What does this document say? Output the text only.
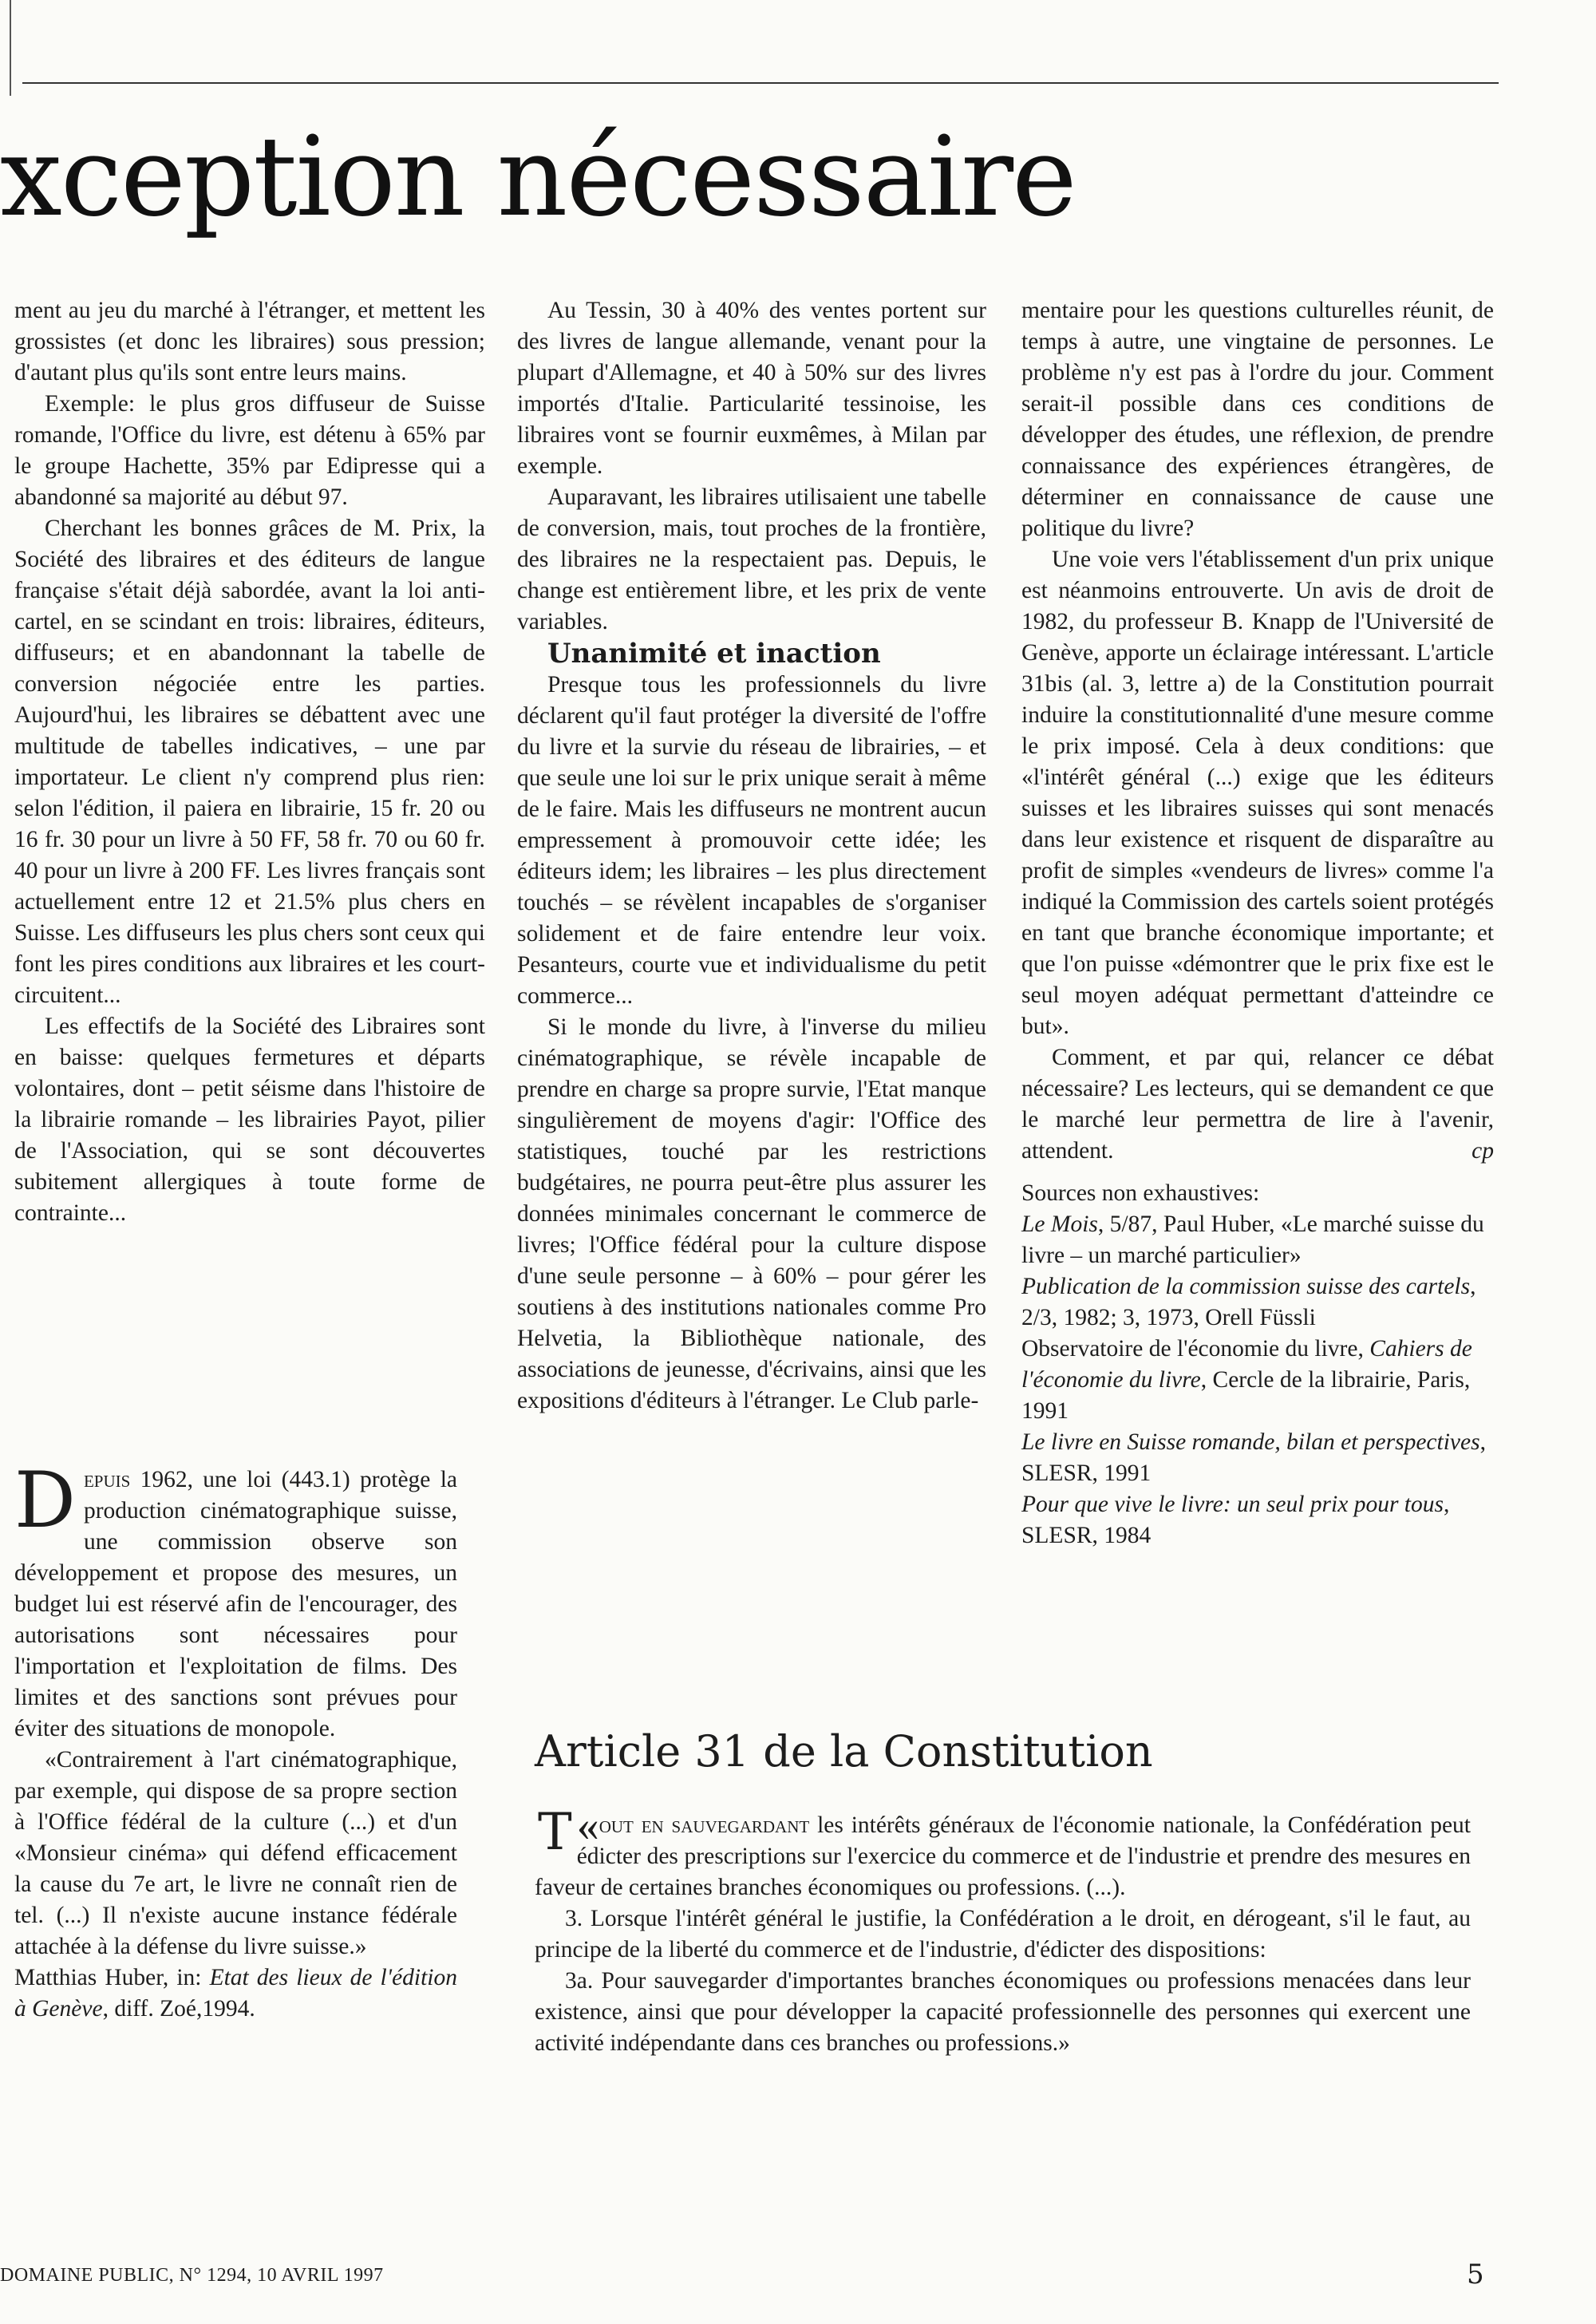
xception nécessaire

ment au jeu du marché à l'étranger, et mettent les grossistes (et donc les libraires) sous pression; d'autant plus qu'ils sont entre leurs mains.

Exemple: le plus gros diffuseur de Suisse romande, l'Office du livre, est détenu à 65% par le groupe Hachette, 35% par Edipresse qui a abandonné sa majorité au début 97.

Cherchant les bonnes grâces de M. Prix, la Société des libraires et des éditeurs de langue française s'était déjà sabordée, avant la loi anti-cartel, en se scindant en trois: libraires, éditeurs, diffuseurs; et en abandonnant la tabelle de conversion négociée entre les parties. Aujourd'hui, les libraires se débattent avec une multitude de tabelles indicatives, – une par importateur. Le client n'y comprend plus rien: selon l'édition, il paiera en librairie, 15 fr. 20 ou 16 fr. 30 pour un livre à 50 FF, 58 fr. 70 ou 60 fr. 40 pour un livre à 200 FF. Les livres français sont actuellement entre 12 et 21.5% plus chers en Suisse. Les diffuseurs les plus chers sont ceux qui font les pires conditions aux libraires et les court-circuitent...

Les effectifs de la Société des Libraires sont en baisse: quelques fermetures et départs volontaires, dont – petit séisme dans l'histoire de la librairie romande – les librairies Payot, pilier de l'Association, qui se sont découvertes subitement allergiques à toute forme de contrainte...

Depuis 1962, une loi (443.1) protège la production cinématographique suisse, une commission observe son développement et propose des mesures, un budget lui est réservé afin de l'encourager, des autorisations sont nécessaires pour l'importation et l'exploitation de films. Des limites et des sanctions sont prévues pour éviter des situations de monopole.

«Contrairement à l'art cinématographique, par exemple, qui dispose de sa propre section à l'Office fédéral de la culture (...) et d'un «Monsieur cinéma» qui défend efficacement la cause du 7e art, le livre ne connaît rien de tel. (...) Il n'existe aucune instance fédérale attachée à la défense du livre suisse.»

Matthias Huber, in: Etat des lieux de l'édition à Genève, diff. Zoé,1994.

Au Tessin, 30 à 40% des ventes portent sur des livres de langue allemande, venant pour la plupart d'Allemagne, et 40 à 50% sur des livres importés d'Italie. Particularité tessinoise, les libraires vont se fournir euxmêmes, à Milan par exemple.

Auparavant, les libraires utilisaient une tabelle de conversion, mais, tout proches de la frontière, des libraires ne la respectaient pas. Depuis, le change est entièrement libre, et les prix de vente variables.

Unanimité et inaction

Presque tous les professionnels du livre déclarent qu'il faut protéger la diversité de l'offre du livre et la survie du réseau de librairies, – et que seule une loi sur le prix unique serait à même de le faire. Mais les diffuseurs ne montrent aucun empressement à promouvoir cette idée; les éditeurs idem; les libraires – les plus directement touchés – se révèlent incapables de s'organiser solidement et de faire entendre leur voix. Pesanteurs, courte vue et individualisme du petit commerce...

Si le monde du livre, à l'inverse du milieu cinématographique, se révèle incapable de prendre en charge sa propre survie, l'Etat manque singulièrement de moyens d'agir: l'Office des statistiques, touché par les restrictions budgétaires, ne pourra peut-être plus assurer les données minimales concernant le commerce de livres; l'Office fédéral pour la culture dispose d'une seule personne – à 60% – pour gérer les soutiens à des institutions nationales comme Pro Helvetia, la Bibliothèque nationale, des associations de jeunesse, d'écrivains, ainsi que les expositions d'éditeurs à l'étranger. Le Club parle-

mentaire pour les questions culturelles réunit, de temps à autre, une vingtaine de personnes. Le problème n'y est pas à l'ordre du jour. Comment serait-il possible dans ces conditions de développer des études, une réflexion, de prendre connaissance des expériences étrangères, de déterminer en connaissance de cause une politique du livre?

Une voie vers l'établissement d'un prix unique est néanmoins entrouverte. Un avis de droit de 1982, du professeur B. Knapp de l'Université de Genève, apporte un éclairage intéressant. L'article 31bis (al. 3, lettre a) de la Constitution pourrait induire la constitutionnalité d'une mesure comme le prix imposé. Cela à deux conditions: que «l'intérêt général (...) exige que les éditeurs suisses et les libraires suisses qui sont menacés dans leur existence et risquent de disparaître au profit de simples «vendeurs de livres» comme l'a indiqué la Commission des cartels soient protégés en tant que branche économique importante; et que l'on puisse «démontrer que le prix fixe est le seul moyen adéquat permettant d'atteindre ce but».

Comment, et par qui, relancer ce débat nécessaire? Les lecteurs, qui se demandent ce que le marché leur permettra de lire à l'avenir, attendent.	cp

Sources non exhaustives:

Le Mois, 5/87, Paul Huber, «Le marché suisse du livre – un marché particulier»

Publication de la commission suisse des cartels, 2/3, 1982; 3, 1973, Orell Füssli

Observatoire de l'économie du livre, Cahiers de l'économie du livre, Cercle de la librairie, Paris, 1991

Le livre en Suisse romande, bilan et perspectives, SLESR, 1991

Pour que vive le livre: un seul prix pour tous, SLESR, 1984

Article 31 de la Constitution

«
T out en sauvegardant les intérêts généraux de l'économie nationale, la Confédération peut édicter des prescriptions sur l'exercice du commerce et de l'industrie et prendre des mesures en faveur de certaines branches économiques ou professions. (...).

3. Lorsque l'intérêt général le justifie, la Confédération a le droit, en dérogeant, s'il le faut, au principe de la liberté du commerce et de l'industrie, d'édicter des dispositions:

3a. Pour sauvegarder d'importantes branches économiques ou professions menacées dans leur existence, ainsi que pour développer la capacité professionnelle des personnes qui exercent une activité indépendante dans ces branches ou professions.»

DOMAINE PUBLIC, N° 1294, 10 AVRIL 1997	5
